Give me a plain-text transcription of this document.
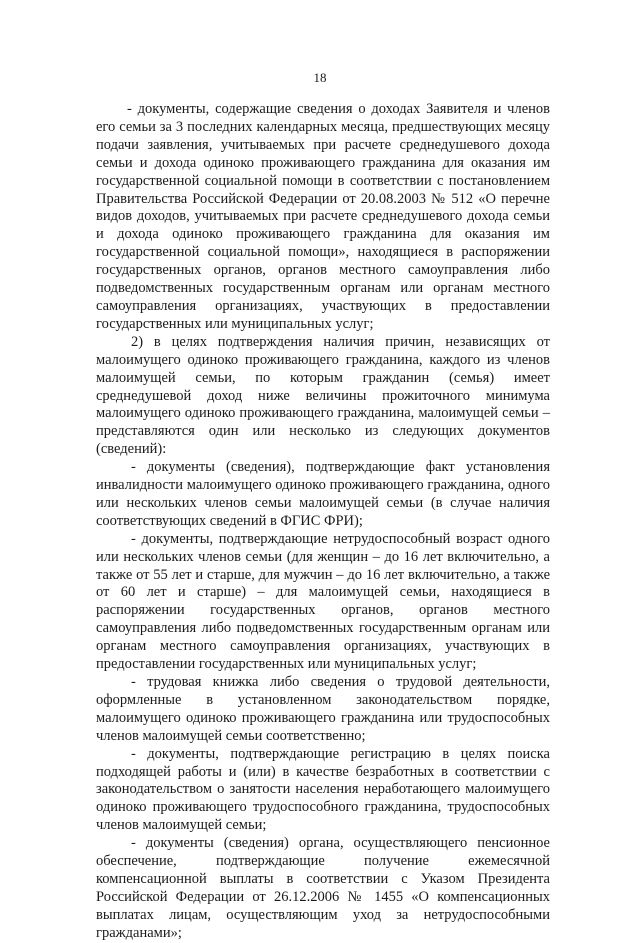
18

- документы, содержащие сведения о доходах Заявителя и членов его семьи за 3 последних календарных месяца, предшествующих месяцу подачи заявления, учитываемых при расчете среднедушевого дохода семьи и дохода одиноко проживающего гражданина для оказания им государственной социальной помощи в соответствии с постановлением Правительства Российской Федерации от 20.08.2003 № 512 «О перечне видов доходов, учитываемых при расчете среднедушевого дохода семьи и дохода одиноко проживающего гражданина для оказания им государственной социальной помощи», находящиеся в распоряжении государственных органов, органов местного самоуправления либо подведомственных государственным органам или органам местного самоуправления организациях, участвующих в предоставлении государственных или муниципальных услуг;

2) в целях подтверждения наличия причин, независящих от малоимущего одиноко проживающего гражданина, каждого из членов малоимущей семьи, по которым гражданин (семья) имеет среднедушевой доход ниже величины прожиточного минимума малоимущего одиноко проживающего гражданина, малоимущей семьи – представляются один или несколько из следующих документов (сведений):

- документы (сведения), подтверждающие факт установления инвалидности малоимущего одиноко проживающего гражданина, одного или нескольких членов семьи малоимущей семьи (в случае наличия соответствующих сведений в ФГИС ФРИ);

- документы, подтверждающие нетрудоспособный возраст одного или нескольких членов семьи (для женщин – до 16 лет включительно, а также от 55 лет и старше, для мужчин – до 16 лет включительно, а также от 60 лет и старше) – для малоимущей семьи, находящиеся в распоряжении государственных органов, органов местного самоуправления либо подведомственных государственным органам или органам местного самоуправления организациях, участвующих в предоставлении государственных или муниципальных услуг;

- трудовая книжка либо сведения о трудовой деятельности, оформленные в установленном законодательством порядке, малоимущего одиноко проживающего гражданина или трудоспособных членов малоимущей семьи соответственно;

- документы, подтверждающие регистрацию в целях поиска подходящей работы и (или) в качестве безработных в соответствии с законодательством о занятости населения неработающего малоимущего одиноко проживающего трудоспособного гражданина, трудоспособных членов малоимущей семьи;

- документы (сведения) органа, осуществляющего пенсионное обеспечение, подтверждающие получение ежемесячной компенсационной выплаты в соответствии с Указом Президента Российской Федерации от 26.12.2006 № 1455 «О компенсационных выплатах лицам, осуществляющим уход за нетрудоспособными гражданами»;
